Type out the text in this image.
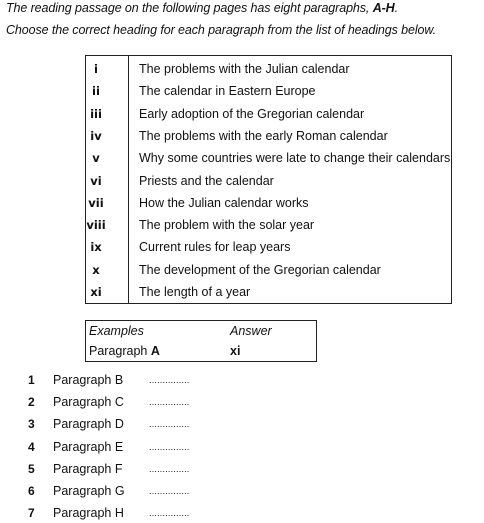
The reading passage on the following pages has eight paragraphs, A-H.
Choose the correct heading for each paragraph from the list of headings below.
i	The problems with the Julian calendar
ii	The calendar in Eastern Europe
iii	Early adoption of the Gregorian calendar
iv	The problems with the early Roman calendar
v	Why some countries were late to change their calendars
vi	Priests and the calendar
vii	How the Julian calendar works
viii	The problem with the solar year
ix	Current rules for leap years
x	The development of the Gregorian calendar
xi	The length of a year
Examples	Answer
Paragraph A	xi
1	Paragraph B	...............
2	Paragraph C	...............
3	Paragraph D	...............
4	Paragraph E	...............
5	Paragraph F	...............
6	Paragraph G	...............
7	Paragraph H	...............
